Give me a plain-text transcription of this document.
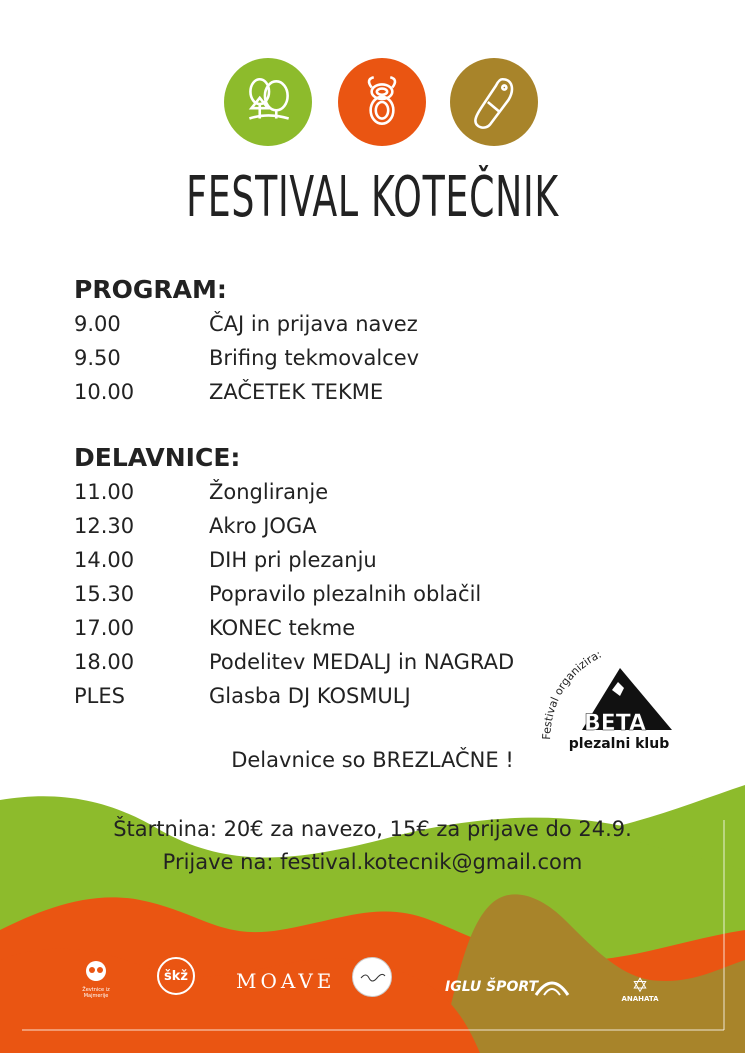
FESTIVAL KOTEČNIK
PROGRAM:
9.00	ČAJ in prijava navez
9.50	Brifing tekmovalcev
10.00	ZAČETEK TEKME
DELAVNICE:
11.00	Žongliranje
12.30	Akro JOGA
14.00	DIH pri plezanju
15.30	Popravilo plezalnih oblačil
17.00	KONEC tekme
18.00	Podelitev MEDALJ in NAGRAD
PLES	Glasba DJ KOSMULJ
Festival organizira:
BETA
plezalni klub
Delavnice so BREZLAČNE !
Štartnina: 20€ za navezo, 15€ za prijave do 24.9.
Prijave na: festival.kotecnik@gmail.com
Ževtnice iz Majmerije
škž	MOAVE	IGLU ŠPORT	✡
ANAHATA
